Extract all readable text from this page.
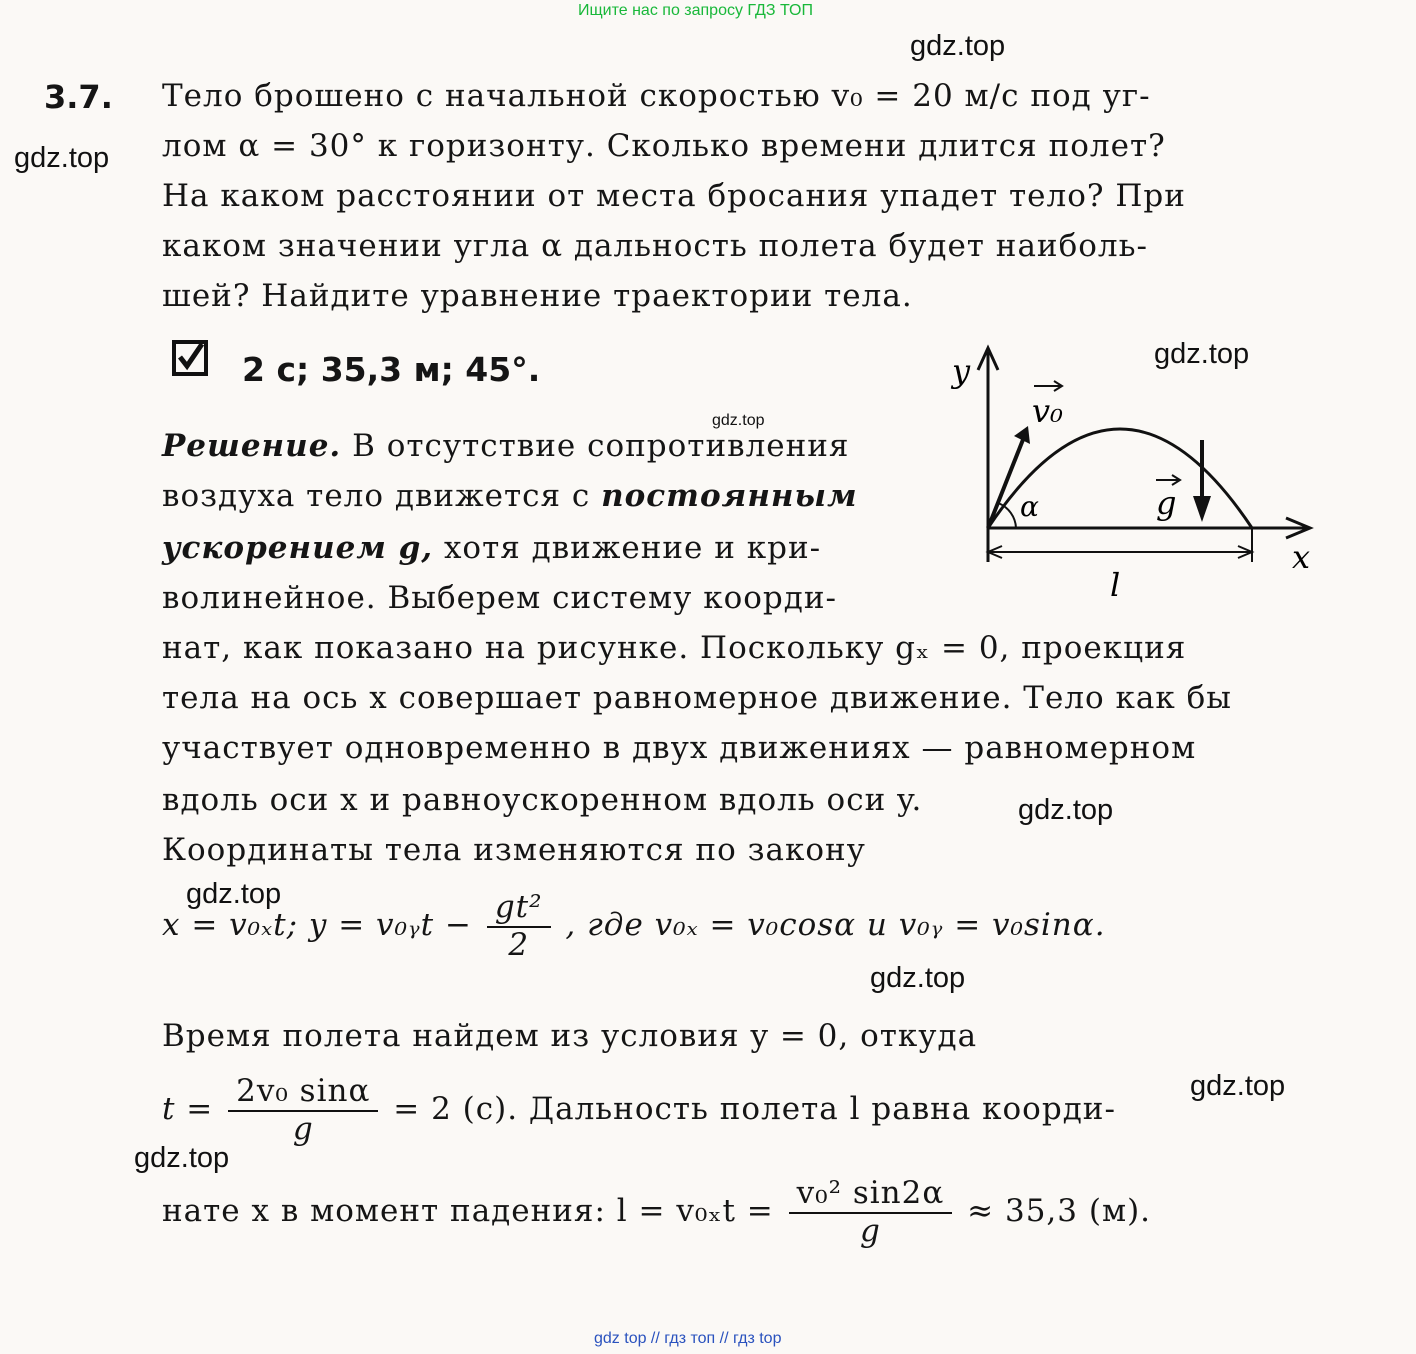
Ищите нас по запросу ГДЗ ТОП
gdz top // гдз топ // гдз top
gdz.top
gdz.top
gdz.top
gdz.top
gdz.top
gdz.top
gdz.top
gdz.top
gdz.top
3.7. Тело брошено с начальной скоростью v₀ = 20 м/с под уг-
лом α = 30° к горизонту. Сколько времени длится полет?
На каком расстоянии от места бросания упадет тело? При
каком значении угла α дальность полета будет наиболь-
шей? Найдите уравнение траектории тела.
2 с; 35,3 м; 45°.
Решение. В отсутствие сопротивления
воздуха тело движется с постоянным
ускорением g, хотя движение и кри-
волинейное. Выберем систему коорди-
нат, как показано на рисунке. Поскольку gₓ = 0, проекция
тела на ось x совершает равномерное движение. Тело как бы
участвует одновременно в двух движениях — равномерном
вдоль оси x и равноускоренном вдоль оси y.
Координаты тела изменяются по закону
x = v₀ₓt; y = v₀ᵧt − $\frac{\text{gt²}}{2}$ , где v₀ₓ = v₀cosα и v₀ᵧ = v₀sinα.
Время полета найдем из условия y = 0, откуда
$t = \frac{\text{2v₀ sinα}}{g} = 2$ (с). Дальность полета l равна коорди-
нате x в момент падения: $l = v_{0x}t = \frac{\text{v₀² sin2α}}{g} \approx 35,3$ (м).
y
x
v₀
g
α
l
